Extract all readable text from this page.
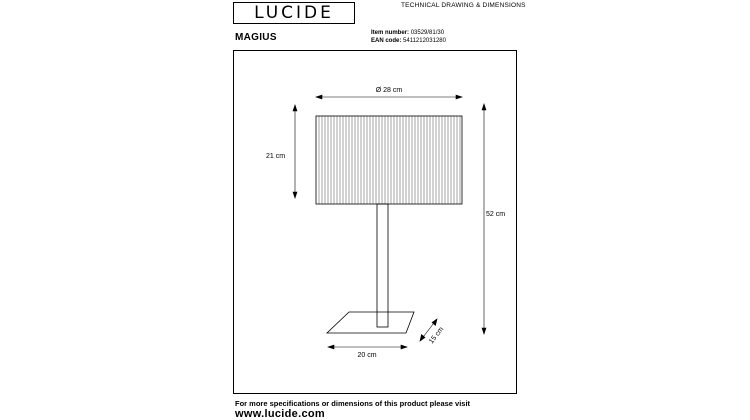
LUCIDE	TECHNICAL DRAWING & DIMENSIONS
MAGIUS	Item number: 03529/81/30
EAN code: 5411212031280
Ø 28 cm
21 cm
52 cm
20 cm
15 cm
For more specifications or dimensions of this product please visit
www.lucide.com
